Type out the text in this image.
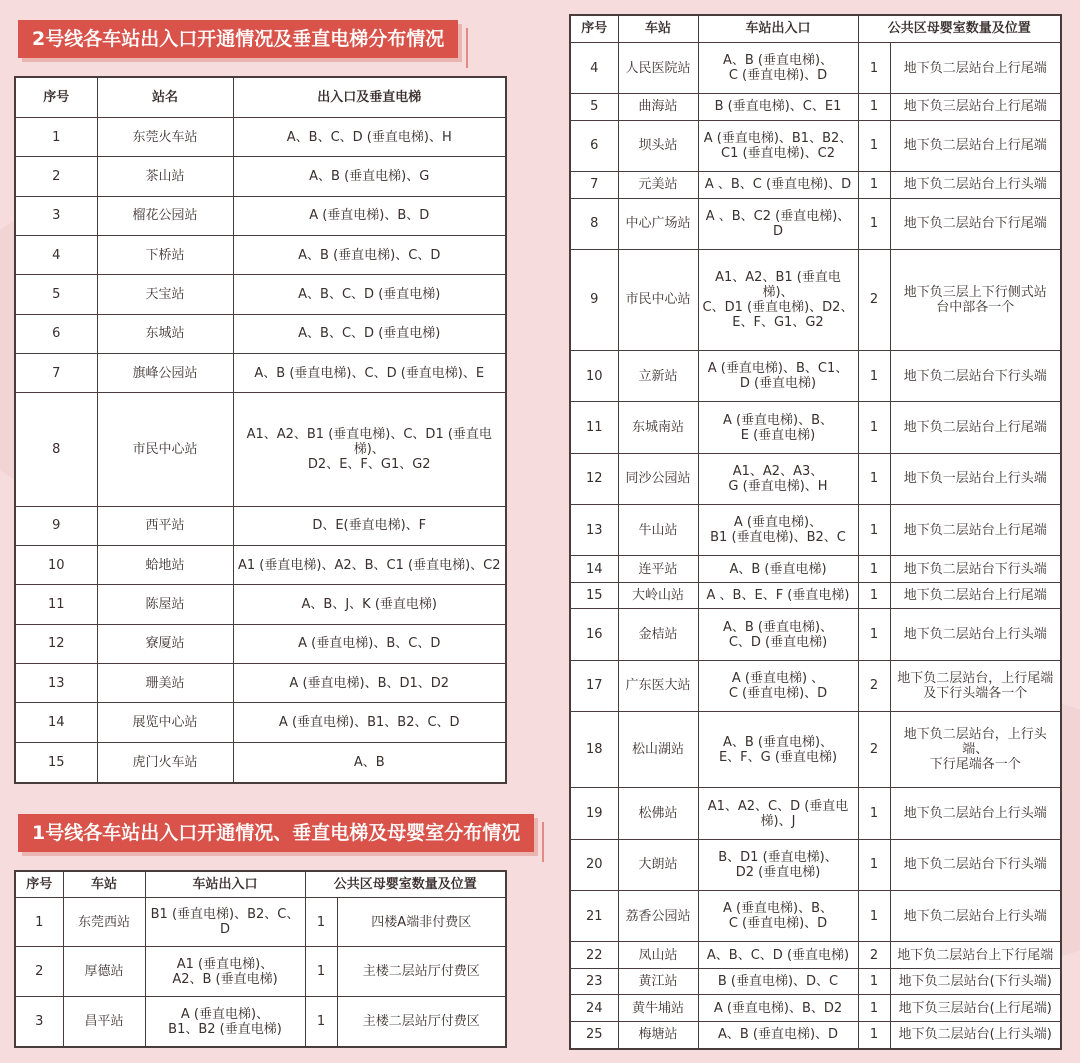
2号线各车站出入口开通情况及垂直电梯分布情况
序号	站名	出入口及垂直电梯
1	东莞火车站	A、B、C、D (垂直电梯)、H
2	茶山站	A、B (垂直电梯)、G
3	榴花公园站	A (垂直电梯)、B、D
4	下桥站	A、B (垂直电梯)、C、D
5	天宝站	A、B、C、D (垂直电梯)
6	东城站	A、B、C、D (垂直电梯)
7	旗峰公园站	A、B (垂直电梯)、C、D (垂直电梯)、E
8	市民中心站	A1、A2、B1 (垂直电梯)、C、D1 (垂直电梯)、
D2、E、F、G1、G2
9	西平站	D、E(垂直电梯)、F
10	蛤地站	A1 (垂直电梯)、A2、B、C1 (垂直电梯)、C2
11	陈屋站	A、B、J、K (垂直电梯)
12	寮厦站	A (垂直电梯)、B、C、D
13	珊美站	A (垂直电梯)、B、D1、D2
14	展览中心站	A (垂直电梯)、B1、B2、C、D
15	虎门火车站	A、B
1号线各车站出入口开通情况、垂直电梯及母婴室分布情况
序号	车站	车站出入口	公共区母婴室数量及位置	
1	东莞西站	B1 (垂直电梯)、B2、C、D	1	四楼A端非付费区
2	厚德站	A1 (垂直电梯)、
A2、B (垂直电梯)	1	主楼二层站厅付费区
3	昌平站	A (垂直电梯)、
B1、B2 (垂直电梯)	1	主楼二层站厅付费区
序号	车站	车站出入口	公共区母婴室数量及位置	
4	人民医院站	A、B (垂直电梯)、
C (垂直电梯)、D	1	地下负二层站台上行尾端
5	曲海站	B (垂直电梯)、C、E1	1	地下负三层站台上行尾端
6	坝头站	A (垂直电梯)、B1、B2、
C1 (垂直电梯)、C2	1	地下负二层站台上行尾端
7	元美站	A 、B、C (垂直电梯)、D	1	地下负二层站台上行头端
8	中心广场站	A 、B、C2 (垂直电梯)、D	1	地下负二层站台下行尾端
9	市民中心站	A1、A2、B1 (垂直电梯)、
C、D1 (垂直电梯)、D2、
E、F、G1、G2	2	地下负三层上下行侧式站
台中部各一个
10	立新站	A (垂直电梯)、B、C1、
D (垂直电梯)	1	地下负二层站台下行头端
11	东城南站	A (垂直电梯)、B、
E (垂直电梯)	1	地下负二层站台上行尾端
12	同沙公园站	A1、A2、A3、
G (垂直电梯)、H	1	地下负一层站台上行头端
13	牛山站	A (垂直电梯)、
B1 (垂直电梯)、B2、C	1	地下负二层站台上行尾端
14	连平站	A、B (垂直电梯)	1	地下负二层站台下行头端
15	大岭山站	A 、B、E、F (垂直电梯)	1	地下负二层站台上行尾端
16	金桔站	A、B (垂直电梯)、
C、D (垂直电梯)	1	地下负二层站台上行头端
17	广东医大站	A (垂直电梯) 、
C (垂直电梯)、D	2	地下负二层站台，上行尾端
及下行头端各一个
18	松山湖站	A、B (垂直电梯)、
E、F、G (垂直电梯)	2	地下负二层站台，上行头端、
下行尾端各一个
19	松佛站	A1、A2、C、D (垂直电
梯)、J	1	地下负二层站台上行头端
20	大朗站	B、D1 (垂直电梯)、
D2 (垂直电梯)	1	地下负二层站台下行头端
21	荔香公园站	A (垂直电梯)、B、
C (垂直电梯)、D	1	地下负二层站台上行头端
22	凤山站	A、B、C、D (垂直电梯)	2	地下负二层站台上下行尾端
23	黄江站	B (垂直电梯)、D、C	1	地下负二层站台(下行头端)
24	黄牛埔站	A (垂直电梯)、B、D2	1	地下负三层站台(上行尾端)
25	梅塘站	A、B (垂直电梯)、D	1	地下负二层站台(上行头端)
